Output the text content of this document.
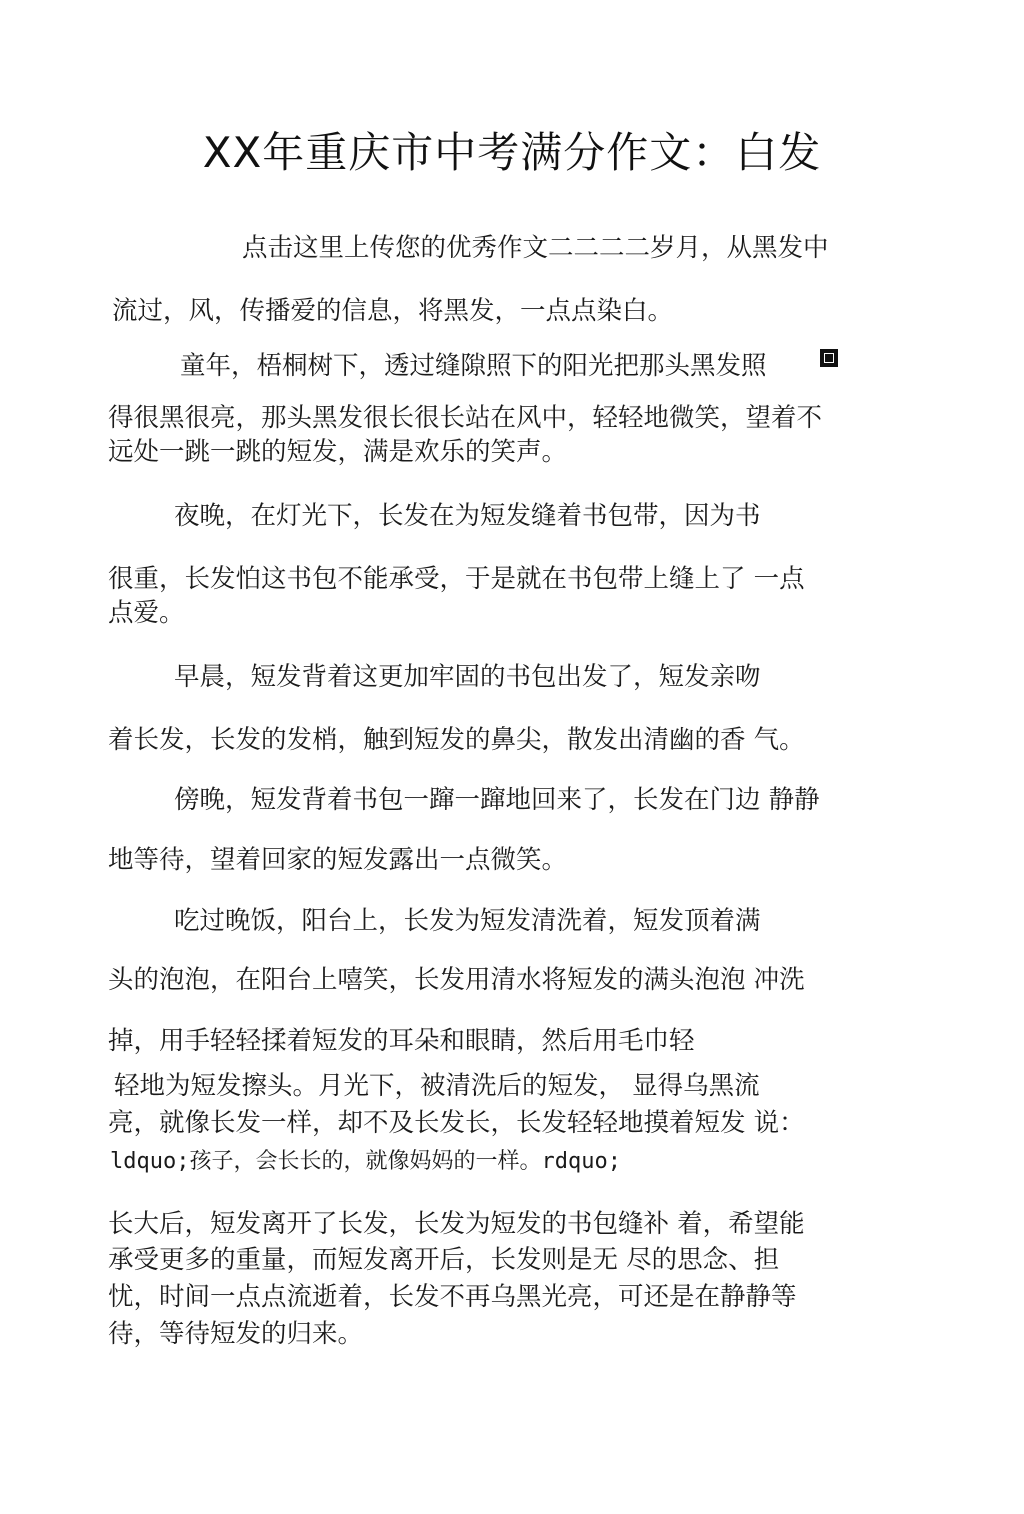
XX年重庆市中考满分作文：白发
点击这里上传您的优秀作文二二二二岁月，从黑发中
流过，风，传播爱的信息，将黑发，一点点染白。
童年，梧桐树下，透过缝隙照下的阳光把那头黑发照
得很黑很亮，那头黑发很长很长站在风中，轻轻地微笑，望着不
远处一跳一跳的短发，满是欢乐的笑声。
夜晚，在灯光下，长发在为短发缝着书包带，因为书
很重，长发怕这书包不能承受，于是就在书包带上缝上了 一点
点爱。
早晨，短发背着这更加牢固的书包出发了，短发亲吻
着长发，长发的发梢，触到短发的鼻尖，散发出清幽的香 气。
傍晚，短发背着书包一蹿一蹿地回来了，长发在门边 静静
地等待，望着回家的短发露出一点微笑。
吃过晚饭，阳台上，长发为短发清洗着，短发顶着满
头的泡泡，在阳台上嘻笑，长发用清水将短发的满头泡泡 冲洗
掉，用手轻轻揉着短发的耳朵和眼睛，然后用毛巾轻
轻地为短发擦头。月光下，被清洗后的短发， 显得乌黑流
亮，就像长发一样，却不及长发长，长发轻轻地摸着短发 说：
ldquo;孩子，会长长的，就像妈妈的一样。rdquo;
长大后，短发离开了长发，长发为短发的书包缝补 着，希望能
承受更多的重量，而短发离开后，长发则是无 尽的思念、担
忧，时间一点点流逝着，长发不再乌黑光亮，可还是在静静等
待，等待短发的归来。
